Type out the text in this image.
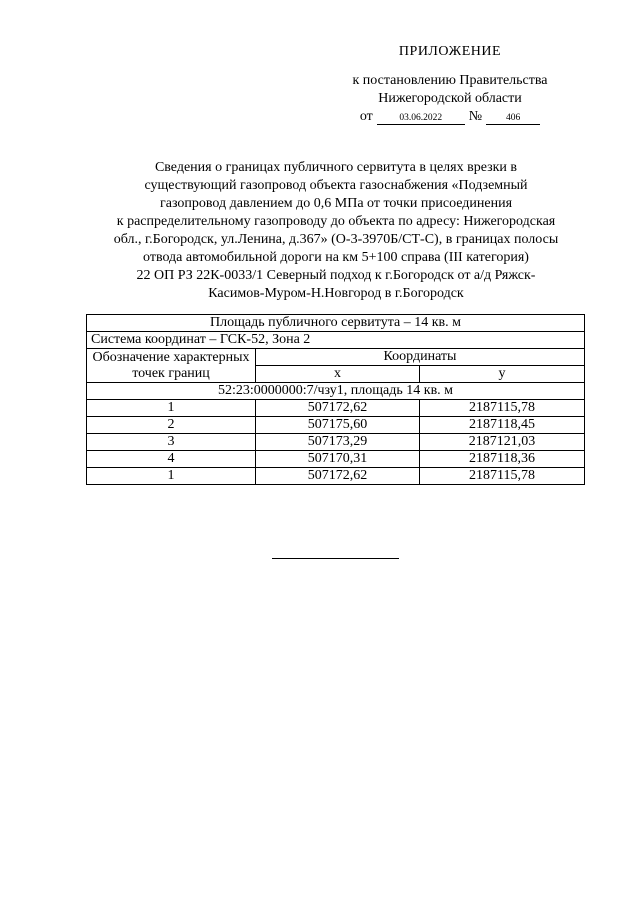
ПРИЛОЖЕНИЕ
к постановлению Правительства
Нижегородской области
от	03.06.2022	№	406
Сведения о границах публичного сервитута в целях врезки в
существующий газопровод объекта газоснабжения «Подземный
газопровод давлением до 0,6 МПа от точки присоединения
к распределительному газопроводу до объекта по адресу: Нижегородская
обл., г.Богородск, ул.Ленина, д.367» (О-3-3970Б/СТ-С), в границах полосы
отвода автомобильной дороги на км 5+100 справа (III категория)
22 ОП РЗ 22К-0033/1 Северный подход к г.Богородск от а/д Ряжск-
Касимов-Муром-Н.Новгород в г.Богородск
Площадь публичного сервитута – 14 кв. м		
Система координат – ГСК-52, Зона 2		
Обозначение характерных точек границ	Координаты	
	x	y
52:23:0000000:7/чзу1, площадь 14 кв. м		
1	507172,62	2187115,78
2	507175,60	2187118,45
3	507173,29	2187121,03
4	507170,31	2187118,36
1	507172,62	2187115,78
